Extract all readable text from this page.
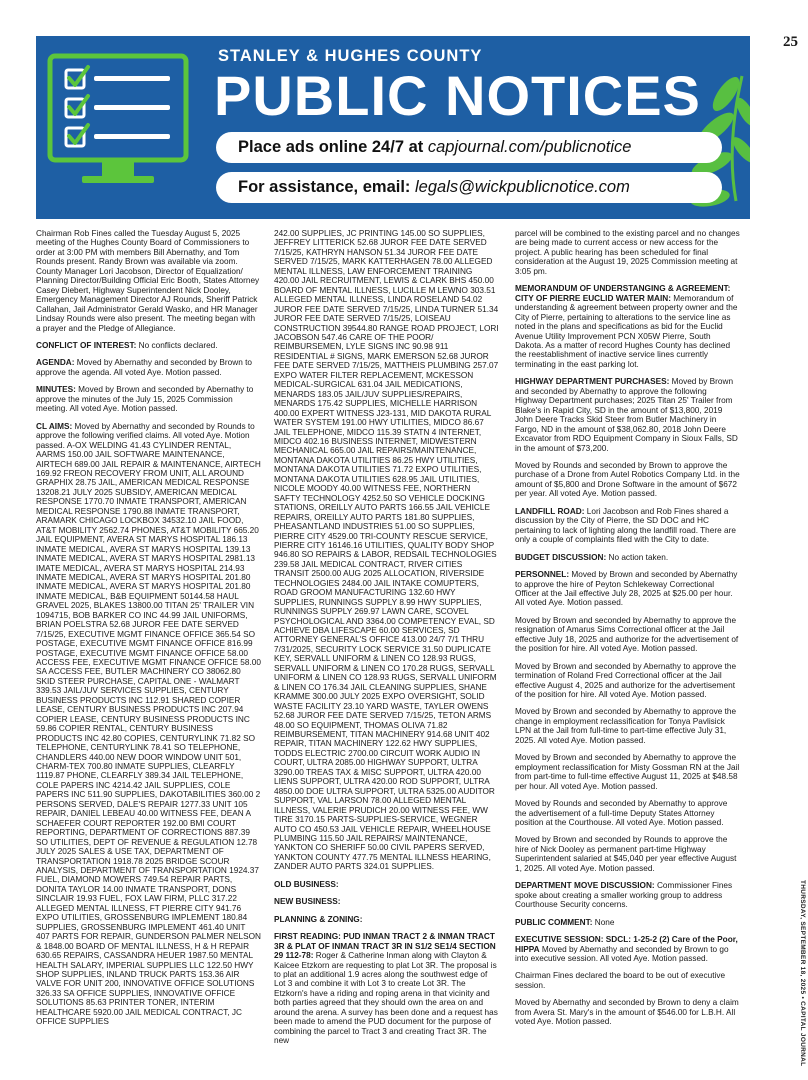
25
STANLEY & HUGHES COUNTY
PUBLIC NOTICES
Place ads online 24/7 at capjournal.com/publicnotice
For assistance, email: legals@wickpublicnotice.com

Chairman Rob Fines called the Tuesday August 5, 2025 meeting of the Hughes County Board of Commissioners to order at 3:00 PM with members Bill Abernathy, and Tom Rounds present. Randy Brown was available via zoom. County Manager Lori Jacobson, Director of Equalization/ Planning Director/Building Official Eric Booth, States Attorney Casey Diebert, Highway Superintendent Nick Dooley, Emergency Management Director AJ Rounds, Sheriff Patrick Callahan, Jail Administrator Gerald Wasko, and HR Manager Lindsay Rounds were also present. The meeting began with a prayer and the Pledge of Allegiance.

CONFLICT OF INTEREST: No conflicts declared.

AGENDA: Moved by Abernathy and seconded by Brown to approve the agenda. All voted Aye. Motion passed.

MINUTES: Moved by Brown and seconded by Abernathy to approve the minutes of the July 15, 2025 Commission meeting. All voted Aye. Motion passed.

CL AIMS: Moved by Abernathy and seconded by Rounds to approve the following verified claims. All voted Aye. Motion passed. A-OX WELDING 41.43 CYLINDER RENTAL, AARMS 150.00 JAIL SOFTWARE MAINTENANCE, AIRTECH 689.00 JAIL REPAIR & MAINTENANCE, AIRTECH 169.92 FREON RECOVERY FROM UNIT, ALL AROUND GRAPHIX 28.75 JAIL, AMERICAN MEDICAL RESPONSE 13208.21 JULY 2025 SUBSIDY, AMERICAN MEDICAL RESPONSE 1770.70 INMATE TRANSPORT, AMERICAN MEDICAL RESPONSE 1790.88 INMATE TRANSPORT, ARAMARK CHICAGO LOCKBOX 34532.10 JAIL FOOD, AT&T MOBILITY 2562.74 PHONES, AT&T MOBILITY 665.20 JAIL EQUIPMENT, AVERA ST MARYS HOSPITAL 186.13 INMATE MEDICAL, AVERA ST MARYS HOSPITAL 139.13 INMATE MEDICAL, AVERA ST MARYS HOSPITAL 2981.13 IMATE MEDICAL, AVERA ST MARYS HOSPITAL 214.93 INMATE MEDICAL, AVERA ST MARYS HOSPITAL 201.80 INMATE MEDICAL, AVERA ST MARYS HOSPITAL 201.80 INMATE MEDICAL, B&B EQUIPMENT 50144.58 HAUL GRAVEL 2025, BLAKES 13800.00 TITAN 25' TRAILER VIN 1094715, BOB BARKER CO INC 44.99 JAIL UNIFORMS, BRIAN POELSTRA 52.68 JUROR FEE DATE SERVED 7/15/25, EXECUTIVE MGMT FINANCE OFFICE 365.54 SO POSTAGE, EXECUTIVE MGMT FINANCE OFFICE 816.99 POSTAGE, EXECUTIVE MGMT FINANCE OFFICE 58.00 ACCESS FEE, EXECUTIVE MGMT FINANCE OFFICE 58.00 SA ACCESS FEE, BUTLER MACHINERY CO 38062.80 SKID STEER PURCHASE, CAPITAL ONE - WALMART 339.53 JAIL/JUV SERVICES SUPPLIES, CENTURY BUSINESS PRODUCTS INC 112.91 SHARED COPIER LEASE, CENTURY BUSINESS PRODUCTS INC 207.94 COPIER LEASE, CENTURY BUSINESS PRODUCTS INC 59.86 COPIER RENTAL, CENTURY BUSINESS PRODUCTS INC 42.80 COPIES, CENTURYLINK 71.82 SO TELEPHONE, CENTURYLINK 78.41 SO TELEPHONE, CHANDLERS 440.00 NEW DOOR WINDOW UNIT 501, CHARM-TEX 700.80 INMATE SUPPLIES, CLEARFLY 1119.87 PHONE, CLEARFLY 389.34 JAIL TELEPHONE, COLE PAPERS INC 4214.42 JAIL SUPPLIES, COLE PAPERS INC 511.90 SUPPLIES, DAKOTABILITIES 360.00 2 PERSONS SERVED, DALE'S REPAIR 1277.33 UNIT 105 REPAIR, DANIEL LEBEAU 40.00 WITNESS FEE, DEAN A SCHAEFER COURT REPORTER 192.00 BMI COURT REPORTING, DEPARTMENT OF CORRECTIONS 887.39 SO UTILITIES, DEPT OF REVENUE & REGULATION 12.78 JULY 2025 SALES & USE TAX, DEPARTMENT OF TRANSPORTATION 1918.78 2025 BRIDGE SCOUR ANALYSIS, DEPARTMENT OF TRANSPORTATION 1924.37 FUEL, DIAMOND MOWERS 749.54 REPAIR PARTS, DONITA TAYLOR 14.00 INMATE TRANSPORT, DONS SINCLAIR 19.93 FUEL, FOX LAW FIRM, PLLC 317.22 ALLEGED MENTAL ILLNESS, FT PIERRE CITY 941.76 EXPO UTILITIES, GROSSENBURG IMPLEMENT 180.84 SUPPLIES, GROSSENBURG IMPLEMENT 461.40 UNIT 407 PARTS FOR REPAIR, GUNDERSON PALMER NELSON & 1848.00 BOARD OF MENTAL ILLNESS, H & H REPAIR 630.65 REPAIRS, CASSANDRA HEUER 1987.50 MENTAL HEALTH SALARY, IMPERIAL SUPPLIES LLC 122.50 HWY SHOP SUPPLIES, INLAND TRUCK PARTS 153.36 AIR VALVE FOR UNIT 200, INNOVATIVE OFFICE SOLUTIONS 326.33 SA OFFICE SUPPLIES, INNOVATIVE OFFICE SOLUTIONS 85.63 PRINTER TONER, INTERIM HEALTHCARE 5920.00 JAIL MEDICAL CONTRACT, JC OFFICE SUPPLIES

242.00 SUPPLIES, JC PRINTING 145.00 SO SUPPLIES, JEFFREY LITTERICK 52.68 JUROR FEE DATE SERVED 7/15/25, KATHRYN HANSON 51.34 JUROR FEE DATE SERVED 7/15/25, MARK KATTERHAGEN 78.00 ALLEGED MENTAL ILLNESS, LAW ENFORCEMENT TRAINING 420.00 JAIL RECRUITMENT, LEWIS & CLARK BHS 450.00 BOARD OF MENTAL ILLNESS, LUCILLE M LEWNO 303.51 ALLEGED MENTAL ILLNESS, LINDA ROSELAND 54.02 JUROR FEE DATE SERVED 7/15/25, LINDA TURNER 51.34 JUROR FEE DATE SERVED 7/15/25, LOISEAU CONSTRUCTION 39544.80 RANGE ROAD PROJECT, LORI JACOBSON 547.46 CARE OF THE POOR/ REIMBURSEMEN, LYLE SIGNS INC 90.98 911 RESIDENTIAL # SIGNS, MARK EMERSON 52.68 JUROR FEE DATE SERVED 7/15/25, MATTHEIS PLUMBING 257.07 EXPO WATER FILTER REPLACEMENT, MCKESSON MEDICAL-SURGICAL 631.04 JAIL MEDICATIONS, MENARDS 183.05 JAIL/JUV SUPPLIES/REPAIRS, MENARDS 175.42 SUPPLIES, MICHELLE HARRISON 400.00 EXPERT WITNESS J23-131, MID DAKOTA RURAL WATER SYSTEM 191.00 HWY UTILITIES, MIDCO 86.67 JAIL TELEPHONE, MIDCO 115.39 STATN 4 INTERNET, MIDCO 402.16 BUSINESS INTERNET, MIDWESTERN MECHANICAL 665.00 JAIL REPAIRS/MAINTENANCE, MONTANA DAKOTA UTILITIES 86.25 HWY UTILITIES, MONTANA DAKOTA UTILITIES 71.72 EXPO UTILITIES, MONTANA DAKOTA UTILITIES 628.95 JAIL UTILITIES, NICOLE MOODY 40.00 WITNESS FEE, NORTHERN SAFTY TECHNOLOGY 4252.50 SO VEHICLE DOCKING STATIONS, OREILLY AUTO PARTS 166.55 JAIL VEHICLE REPAIRS, OREILLY AUTO PARTS 181.80 SUPPLIES, PHEASANTLAND INDUSTRIES 51.00 SO SUPPLIES, PIERRE CITY 4529.00 TRI-COUNTY RESCUE SERVICE, PIERRE CITY 16146.16 UTILITIES, QUALITY BODY SHOP 946.80 SO REPAIRS & LABOR, REDSAIL TECHNOLOGIES 239.58 JAIL MEDICAL CONTRACT, RIVER CITIES TRANSIT 2500.00 AUG 2025 ALLOCATION, RIVERSIDE TECHNOLOGIES 2484.00 JAIL INTAKE COMUPTERS, ROAD GROOM MANUFACTURING 132.60 HWY SUPPLIES, RUNNINGS SUPPLY 8.99 HWY SUPPLIES, RUNNINGS SUPPLY 269.97 LAWN CARE, SCOVEL PSYCHOLOGICAL AND 3364.00 COMPETENCY EVAL, SD ACHIEVE DBA LIFESCAPE 60.00 SERVICES, SD ATTORNEY GENERAL'S OFFICE 413.00 24/7 7/1 THRU 7/31/2025, SECURITY LOCK SERVICE 31.50 DUPLICATE KEY, SERVALL UNIFORM & LINEN CO 128.93 RUGS, SERVALL UNIFORM & LINEN CO 170.28 RUGS, SERVALL UNIFORM & LINEN CO 128.93 RUGS, SERVALL UNIFORM & LINEN CO 176.34 JAIL CLEANING SUPPLIES, SHANE KRAMME 300.00 JULY 2025 EXPO OVERSIGHT, SOLID WASTE FACILITY 23.10 YARD WASTE, TAYLER OWENS 52.68 JUROR FEE DATE SERVED 7/15/25, TETON ARMS 48.00 SO EQUIPMENT, THOMAS OLIVA 71.82 REIMBURSEMENT, TITAN MACHINERY 914.68 UNIT 402 REPAIR, TITAN MACHINERY 122.62 HWY SUPPLIES, TODDS ELECTRIC 2700.00 CIRCUIT WORK AUDIO IN COURT, ULTRA 2085.00 HIGHWAY SUPPORT, ULTRA 3290.00 TREAS TAX & MISC SUPPORT, ULTRA 420.00 LIENS SUPPORT, ULTRA 420.00 ROD SUPPORT, ULTRA 4850.00 DOE ULTRA SUPPORT, ULTRA 5325.00 AUDITOR SUPPORT, VAL LARSON 78.00 ALLEGED MENTAL ILLNESS, VALERIE PRUDICH 20.00 WITNESS FEE, WW TIRE 3170.15 PARTS-SUPPLIES-SERVICE, WEGNER AUTO CO 450.53 JAIL VEHICLE REPAIR, WHEELHOUSE PLUMBING 115.50 JAIL REPAIRS/ MAINTENANCE, YANKTON CO SHERIFF 50.00 CIVIL PAPERS SERVED, YANKTON COUNTY 477.75 MENTAL ILLNESS HEARING, ZANDER AUTO PARTS 324.01 SUPPLIES.

OLD BUSINESS:

NEW BUSINESS:

PLANNING & ZONING:

FIRST READING: PUD INMAN TRACT 2 & INMAN TRACT 3R & PLAT OF INMAN TRACT 3R IN S1/2 SE1/4 SECTION 29 112-78: Roger & Catherine Inman along with Clayton & Kaicee Etzkorn are requesting to plat Lot 3R. The proposal is to plat an additional 1.9 acres along the southwest edge of Lot 3 and combine it with Lot 3 to create Lot 3R. The Etzkorn's have a riding and roping arena in that vicinity and both parties agreed that they should own the area on and around the arena. A survey has been done and a request has been made to amend the PUD document for the purpose of combining the parcel to Tract 3 and creating Tract 3R. The new

parcel will be combined to the existing parcel and no changes are being made to current access or new access for the project. A public hearing has been scheduled for final consideration at the August 19, 2025 Commission meeting at 3:05 pm.

MEMORANDUM OF UNDERSTANGING & AGREEMENT: CITY OF PIERRE EUCLID WATER MAIN: Memorandum of understanding & agreement between property owner and the City of Pierre, pertaining to alterations to the service line as noted in the plans and specifications as bid for the Euclid Avenue Utility Improvement PCN X05W Pierre, South Dakota. As a matter of record Hughes County has declined the reestablishment of inactive service lines currently terminating in the east parking lot.

HIGHWAY DEPARTMENT PURCHASES: Moved by Brown and seconded by Abernathy to approve the following Highway Department purchases; 2025 Titan 25' Trailer from Blake's in Rapid City, SD in the amount of $13,800, 2019 John Deere Tracks Skid Steer from Butler Machinery in Fargo, ND in the amount of $38,062.80, 2018 John Deere Excavator from RDO Equipment Company in Sioux Falls, SD in the amount of $73,200.

Moved by Rounds and seconded by Brown to approve the purchase of a Drone from Autel Robotics Company Ltd. in the amount of $5,800 and Drone Software in the amount of $672 per year. All voted Aye. Motion passed.

LANDFILL ROAD: Lori Jacobson and Rob Fines shared a discussion by the City of Pierre, the SD DOC and HC pertaining to lack of lighting along the landfill road. There are only a couple of complaints filed with the City to date.

BUDGET DISCUSSION: No action taken.

PERSONNEL: Moved by Brown and seconded by Abernathy to approve the hire of Peyton Schlekeway Correctional Officer at the Jail effective July 28, 2025 at $25.00 per hour. All voted Aye. Motion passed.

Moved by Brown and seconded by Abernathy to approve the resignation of Amarus Sims Correctional officer at the Jail effective July 18, 2025 and authorize for the advertisement of the position for hire. All voted Aye. Motion passed.

Moved by Brown and seconded by Abernathy to approve the termination of Roland Fred Correctional officer at the Jail effective August 4, 2025 and authorize for the advertisement of the position for hire. All voted Aye. Motion passed.

Moved by Brown and seconded by Abernathy to approve the change in employment reclassification for Tonya Pavlisick LPN at the Jail from full-time to part-time effective July 31, 2025. All voted Aye. Motion passed.

Moved by Brown and seconded by Abernathy to approve the employment reclassification for Misty Gossman RN at the Jail from part-time to full-time effective August 11, 2025 at $48.58 per hour. All voted Aye. Motion passed.

Moved by Rounds and seconded by Abernathy to approve the advertisement of a full-time Deputy States Attorney position at the Courthouse. All voted Aye. Motion passed.

Moved by Brown and seconded by Rounds to approve the hire of Nick Dooley as permanent part-time Highway Superintendent salaried at $45,040 per year effective August 1, 2025. All voted Aye. Motion passed.

DEPARTMENT MOVE DISCUSSION: Commissioner Fines spoke about creating a smaller working group to address Courthouse Security concerns.

PUBLIC COMMENT: None

EXECUTIVE SESSION: SDCL: 1-25-2 (2) Care of the Poor, HIPPA Moved by Abernathy and seconded by Brown to go into executive session. All voted Aye. Motion passed.

Chairman Fines declared the board to be out of executive session.

Moved by Abernathy and seconded by Brown to deny a claim from Avera St. Mary's in the amount of $546.00 for L.B.H. All voted Aye. Motion passed.	THURSDAY, SEPTEMBER 18, 2025 • CAPITAL JOURNAL
